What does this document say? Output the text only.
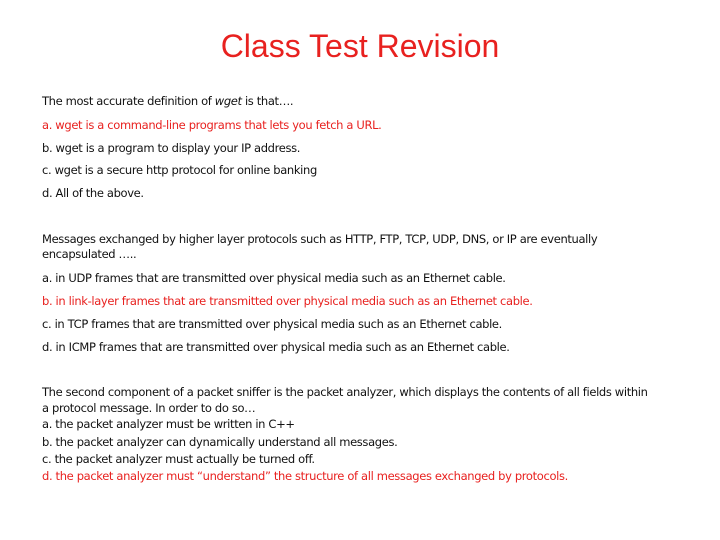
Class Test Revision
The most accurate definition of wget is that….
a. wget is a command-line programs that lets you fetch a URL.
b. wget is a program to display your IP address.
c. wget is a secure http protocol for online banking
d. All of the above.
Messages exchanged by higher layer protocols such as HTTP, FTP, TCP, UDP, DNS, or IP are eventually
encapsulated …..
a. in UDP frames that are transmitted over physical media such as an Ethernet cable.
b. in link-layer frames that are transmitted over physical media such as an Ethernet cable.
c. in TCP frames that are transmitted over physical media such as an Ethernet cable.
d. in ICMP frames that are transmitted over physical media such as an Ethernet cable.
The second component of a packet sniffer is the packet analyzer, which displays the contents of all fields within
a protocol message. In order to do so…
a. the packet analyzer must be written in C++
b. the packet analyzer can dynamically understand all messages.
c. the packet analyzer must actually be turned off.
d. the packet analyzer must “understand” the structure of all messages exchanged by protocols.
